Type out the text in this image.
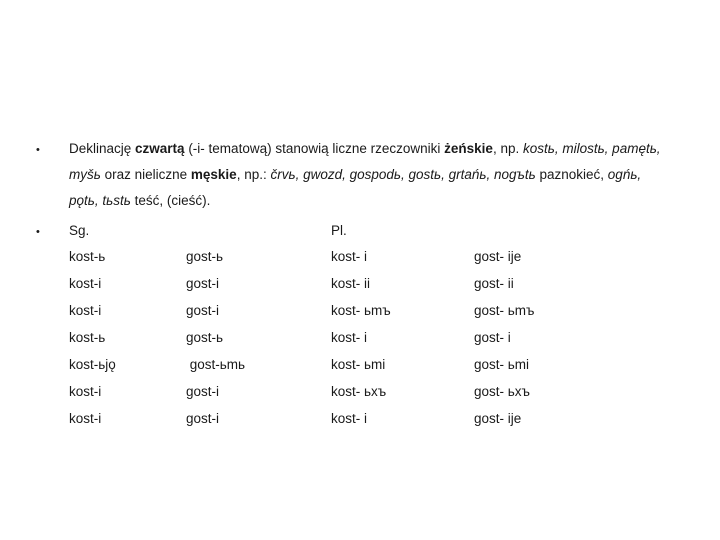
• Deklinację czwartą (-i- tematową) stanowią liczne rzeczowniki żeńskie, np. kostь, milostь, pamętь,
myšь oraz nieliczne męskie, np.: črvь, gwozd, gospodь, gostь, grtańь, nogъtь paznokieć, ogńь,
pǫtь, tьstь teść, (cieść).
• Sg.	Pl.
kost-ь	gost-ь	kost- i	gost- ije
kost-i	gost-i	kost- ii	gost- ii
kost-i	gost-i	kost- ьmъ	gost- ьmъ
kost-ь	gost-ь	kost- i	gost- i
kost-ьjǫ	gost-ьmь	kost- ьmi	gost- ьmi
kost-i	gost-i	kost- ьxъ	gost- ьxъ
kost-i	gost-i	kost- i	gost- ije
